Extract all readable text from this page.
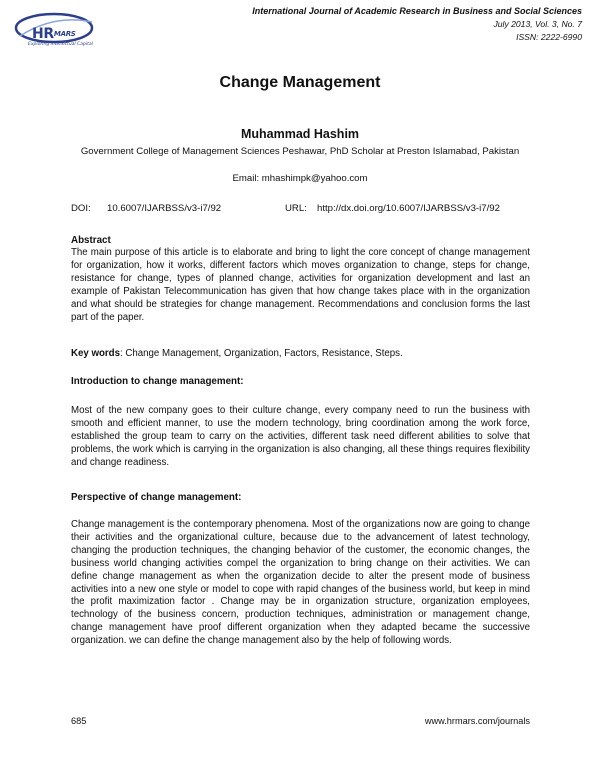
HRMARS
Exploring Intellectual Capital
International Journal of Academic Research in Business and Social Sciences
July 2013, Vol. 3, No. 7
ISSN: 2222-6990
Change Management
Muhammad Hashim
Government College of Management Sciences Peshawar, PhD Scholar at Preston Islamabad, Pakistan
Email: mhashimpk@yahoo.com
DOI: 10.6007/IJARBSS/v3-i7/92	URL: http://dx.doi.org/10.6007/IJARBSS/v3-i7/92
Abstract
The main purpose of this article is to elaborate and bring to light the core concept of change management for organization, how it works, different factors which moves organization to change, steps for change, resistance for change, types of planned change, activities for organization development and last an example of Pakistan Telecommunication has given that how change takes place with in the organization and what should be strategies for change management. Recommendations and conclusion forms the last part of the paper.
Key words: Change Management, Organization, Factors, Resistance, Steps.
Introduction to change management:
Most of the new company goes to their culture change, every company need to run the business with smooth and efficient manner, to use the modern technology, bring coordination among the work force, established the group team to carry on the activities, different task need different abilities to solve that problems, the work which is carrying in the organization is also changing, all these things requires flexibility and change readiness.
Perspective of change management:
Change management is the contemporary phenomena. Most of the organizations now are going to change their activities and the organizational culture, because due to the advancement of latest technology, changing the production techniques, the changing behavior of the customer, the economic changes, the business world changing activities compel the organization to bring change on their activities. We can define change management as when the organization decide to alter the present mode of business activities into a new one style or model to cope with rapid changes of the business world, but keep in mind the profit maximization factor . Change may be in organization structure, organization employees, technology of the business concern, production techniques, administration or management change, change management have proof different organization when they adapted became the successive organization. we can define the change management also by the help of following words.
685	www.hrmars.com/journals
